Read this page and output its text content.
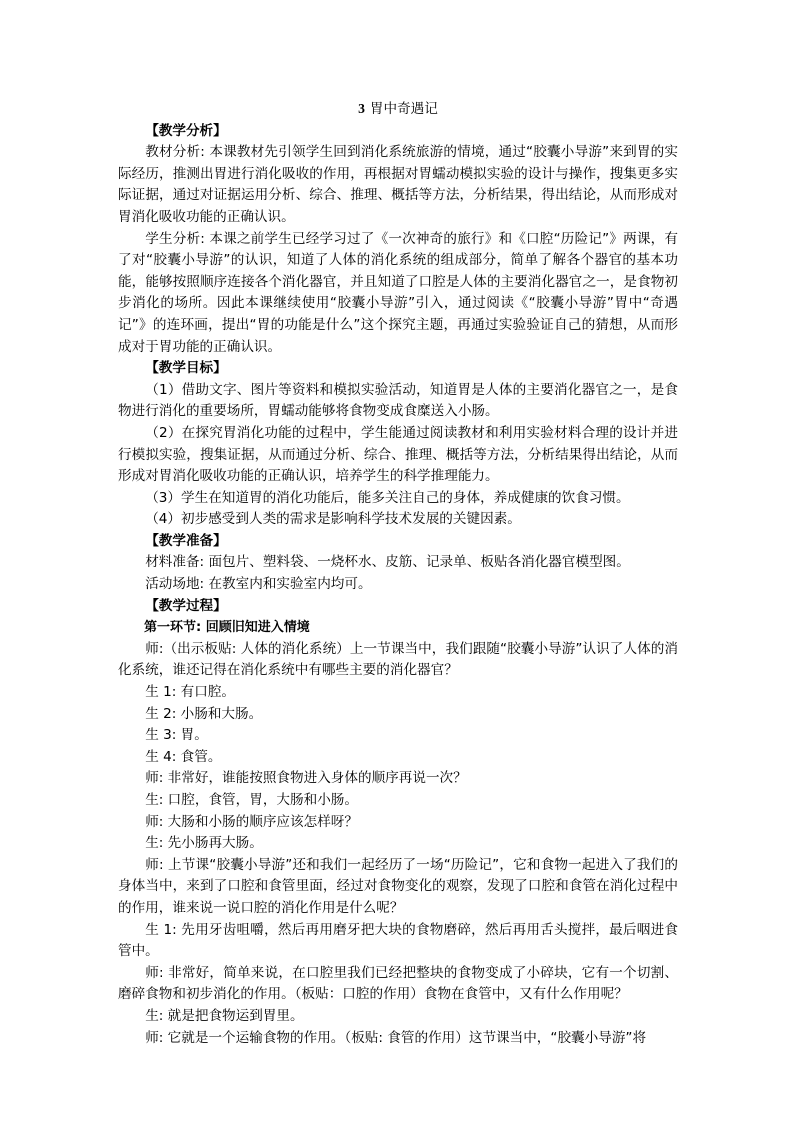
3 胃中奇遇记

【教学分析】

教材分析: 本课教材先引领学生回到消化系统旅游的情境，通过“胶囊小导游”来到胃的实际经历，推测出胃进行消化吸收的作用，再根据对胃蠕动模拟实验的设计与操作，搜集更多实际证据，通过对证据运用分析、综合、推理、概括等方法，分析结果，得出结论，从而形成对胃消化吸收功能的正确认识。

学生分析: 本课之前学生已经学习过了《一次神奇的旅行》和《口腔“历险记”》两课，有了对“胶囊小导游”的认识，知道了人体的消化系统的组成部分，简单了解各个器官的基本功能，能够按照顺序连接各个消化器官，并且知道了口腔是人体的主要消化器官之一，是食物初步消化的场所。因此本课继续使用“胶囊小导游”引入，通过阅读《“胶囊小导游”胃中“奇遇记”》的连环画，提出“胃的功能是什么”这个探究主题，再通过实验验证自己的猜想，从而形成对于胃功能的正确认识。

【教学目标】

（1）借助文字、图片等资料和模拟实验活动，知道胃是人体的主要消化器官之一，是食物进行消化的重要场所，胃蠕动能够将食物变成食糜送入小肠。

（2）在探究胃消化功能的过程中，学生能通过阅读教材和利用实验材料合理的设计并进行模拟实验，搜集证据，从而通过分析、综合、推理、概括等方法，分析结果得出结论，从而形成对胃消化吸收功能的正确认识，培养学生的科学推理能力。

（3）学生在知道胃的消化功能后，能多关注自己的身体，养成健康的饮食习惯。

（4）初步感受到人类的需求是影响科学技术发展的关键因素。

【教学准备】

材料准备: 面包片、塑料袋、一烧杯水、皮筋、记录单、板贴各消化器官模型图。

活动场地: 在教室内和实验室内均可。

【教学过程】

第一环节: 回顾旧知进入情境

师:（出示板贴: 人体的消化系统）上一节课当中，我们跟随“胶囊小导游”认识了人体的消化系统，谁还记得在消化系统中有哪些主要的消化器官？

生 1: 有口腔。

生 2: 小肠和大肠。

生 3: 胃。

生 4: 食管。

师: 非常好，谁能按照食物进入身体的顺序再说一次？

生: 口腔，食管，胃，大肠和小肠。

师: 大肠和小肠的顺序应该怎样呀？

生: 先小肠再大肠。

师: 上节课“胶囊小导游”还和我们一起经历了一场“历险记”，它和食物一起进入了我们的身体当中，来到了口腔和食管里面，经过对食物变化的观察，发现了口腔和食管在消化过程中的作用，谁来说一说口腔的消化作用是什么呢？

生 1: 先用牙齿咀嚼，然后再用磨牙把大块的食物磨碎，然后再用舌头搅拌，最后咽进食管中。

师: 非常好，简单来说，在口腔里我们已经把整块的食物变成了小碎块，它有一个切割、磨碎食物和初步消化的作用。（板贴：口腔的作用）食物在食管中，又有什么作用呢？

生: 就是把食物运到胃里。

师: 它就是一个运输食物的作用。（板贴: 食管的作用）这节课当中，“胶囊小导游”将
